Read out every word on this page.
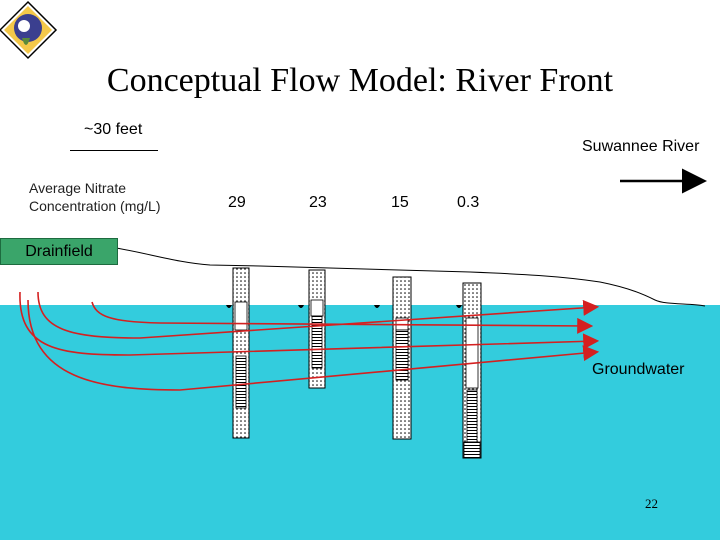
Conceptual Flow Model: River Front
~30 feet
Suwannee River
Average Nitrate
Concentration (mg/L)	29	23	15	0.3
Drainfield
Groundwater
22
